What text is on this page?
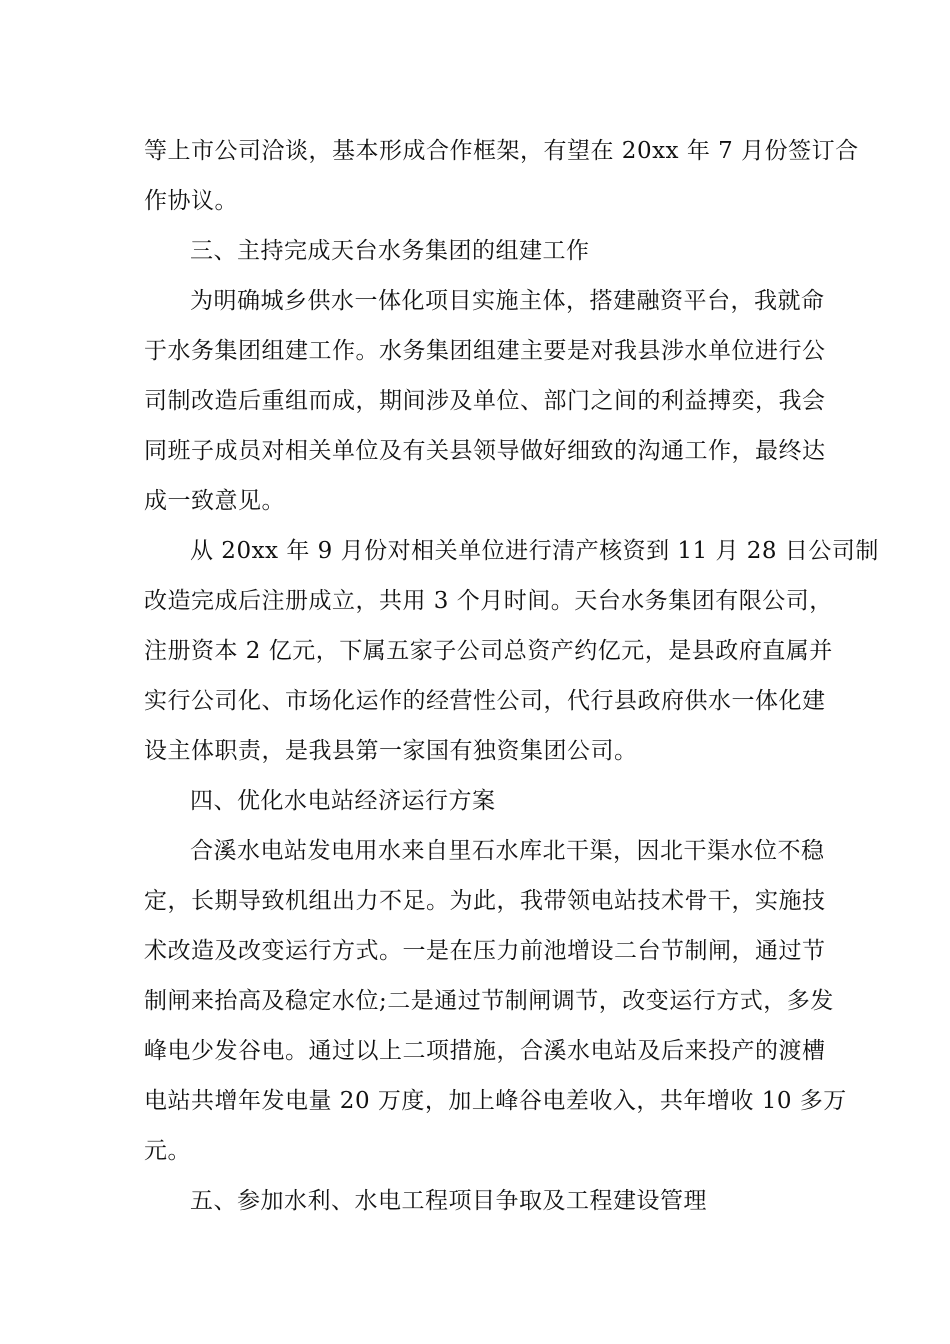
等上市公司洽谈，基本形成合作框架，有望在 20xx 年 7 月份签订合
作协议。
三、主持完成天台水务集团的组建工作
为明确城乡供水一体化项目实施主体，搭建融资平台，我就命
于水务集团组建工作。水务集团组建主要是对我县涉水单位进行公
司制改造后重组而成，期间涉及单位、部门之间的利益搏奕，我会
同班子成员对相关单位及有关县领导做好细致的沟通工作，最终达
成一致意见。
从 20xx 年 9 月份对相关单位进行清产核资到 11 月 28 日公司制
改造完成后注册成立，共用 3 个月时间。天台水务集团有限公司，
注册资本 2 亿元，下属五家子公司总资产约亿元，是县政府直属并
实行公司化、市场化运作的经营性公司，代行县政府供水一体化建
设主体职责，是我县第一家国有独资集团公司。
四、优化水电站经济运行方案
合溪水电站发电用水来自里石水库北干渠，因北干渠水位不稳
定，长期导致机组出力不足。为此，我带领电站技术骨干，实施技
术改造及改变运行方式。一是在压力前池增设二台节制闸，通过节
制闸来抬高及稳定水位;二是通过节制闸调节，改变运行方式，多发
峰电少发谷电。通过以上二项措施，合溪水电站及后来投产的渡槽
电站共增年发电量 20 万度，加上峰谷电差收入，共年增收 10 多万
元。
五、参加水利、水电工程项目争取及工程建设管理
